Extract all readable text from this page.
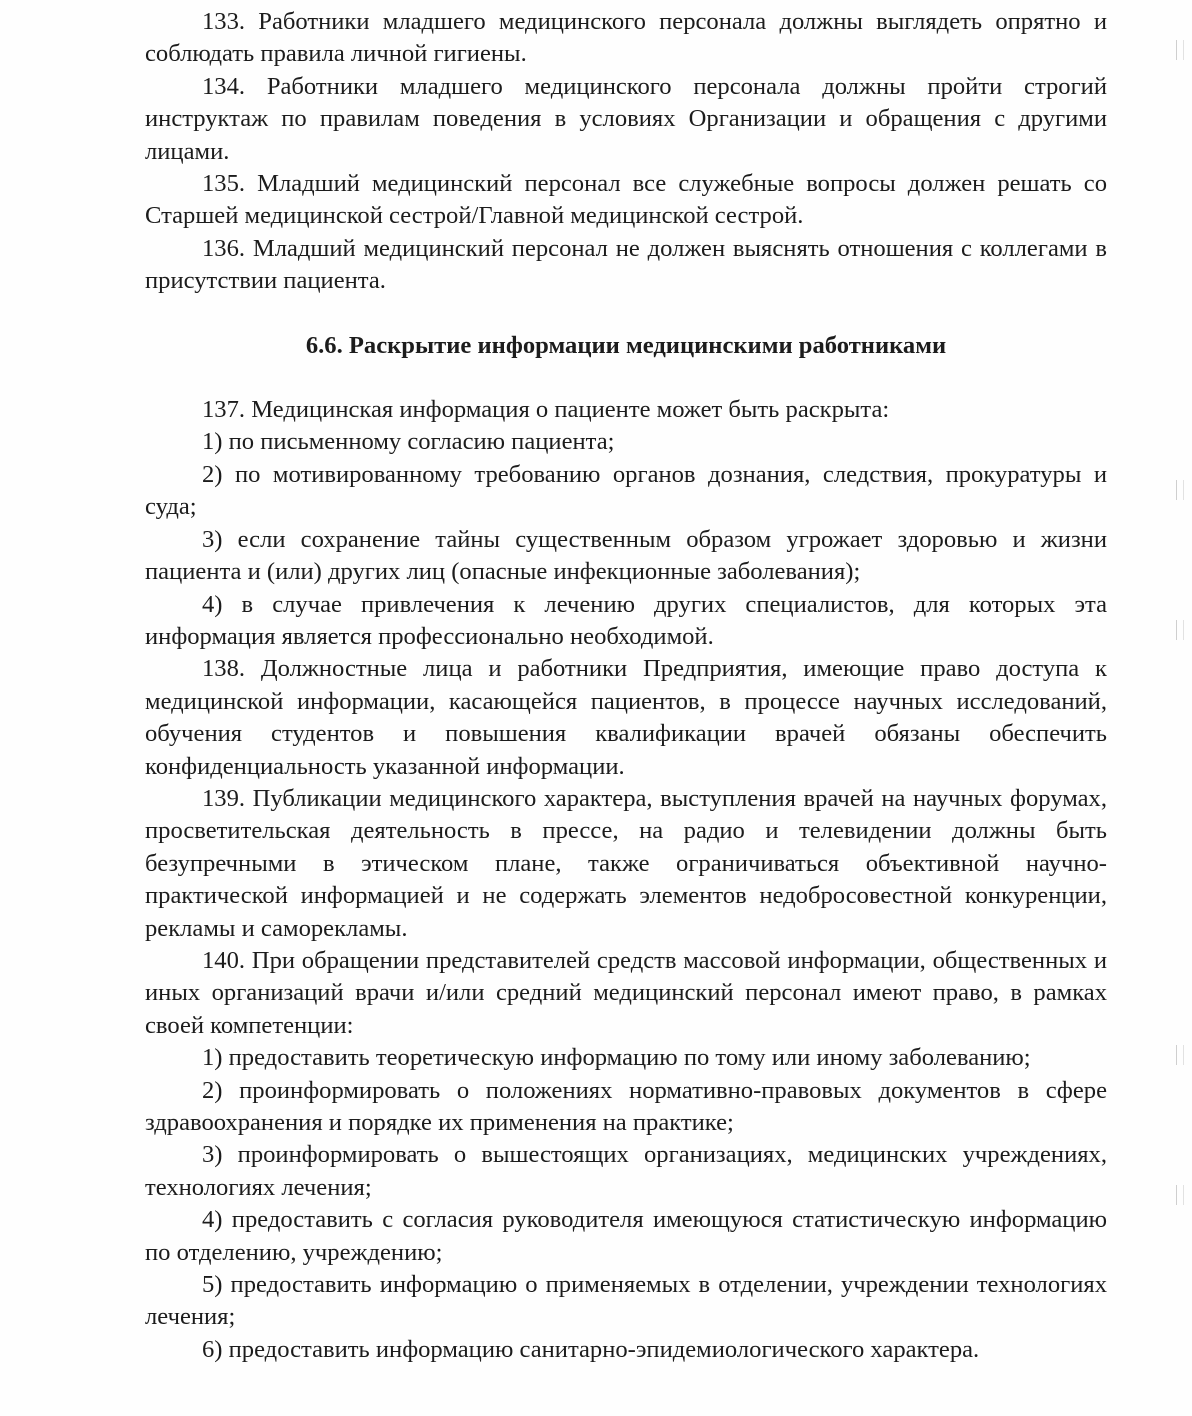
133. Работники младшего медицинского персонала должны выглядеть опрятно и соблюдать правила личной гигиены.

134. Работники младшего медицинского персонала должны пройти строгий инструктаж по правилам поведения в условиях Организации и обращения с другими лицами.

135. Младший медицинский персонал все служебные вопросы должен решать со Старшей медицинской сестрой/Главной медицинской сестрой.

136. Младший медицинский персонал не должен выяснять отношения с коллегами в присутствии пациента.

6.6. Раскрытие информации медицинскими работниками

137. Медицинская информация о пациенте может быть раскрыта:

1) по письменному согласию пациента;

2) по мотивированному требованию органов дознания, следствия, прокуратуры и суда;

3) если сохранение тайны существенным образом угрожает здоровью и жизни пациента и (или) других лиц (опасные инфекционные заболевания);

4) в случае привлечения к лечению других специалистов, для которых эта информация является профессионально необходимой.

138. Должностные лица и работники Предприятия, имеющие право доступа к медицинской информации, касающейся пациентов, в процессе научных исследований, обучения студентов и повышения квалификации врачей обязаны обеспечить конфиденциальность указанной информации.

139. Публикации медицинского характера, выступления врачей на научных форумах, просветительская деятельность в прессе, на радио и телевидении должны быть безупречными в этическом плане, также ограничиваться объективной научно-практической информацией и не содержать элементов недобросовестной конкуренции, рекламы и саморекламы.

140. При обращении представителей средств массовой информации, общественных и иных организаций врачи и/или средний медицинский персонал имеют право, в рамках своей компетенции:

1) предоставить теоретическую информацию по тому или иному заболеванию;

2) проинформировать о положениях нормативно-правовых документов в сфере здравоохранения и порядке их применения на практике;

3) проинформировать о вышестоящих организациях, медицинских учреждениях, технологиях лечения;

4) предоставить с согласия руководителя имеющуюся статистическую информацию по отделению, учреждению;

5) предоставить информацию о применяемых в отделении, учреждении технологиях лечения;

6) предоставить информацию санитарно-эпидемиологического характера.
